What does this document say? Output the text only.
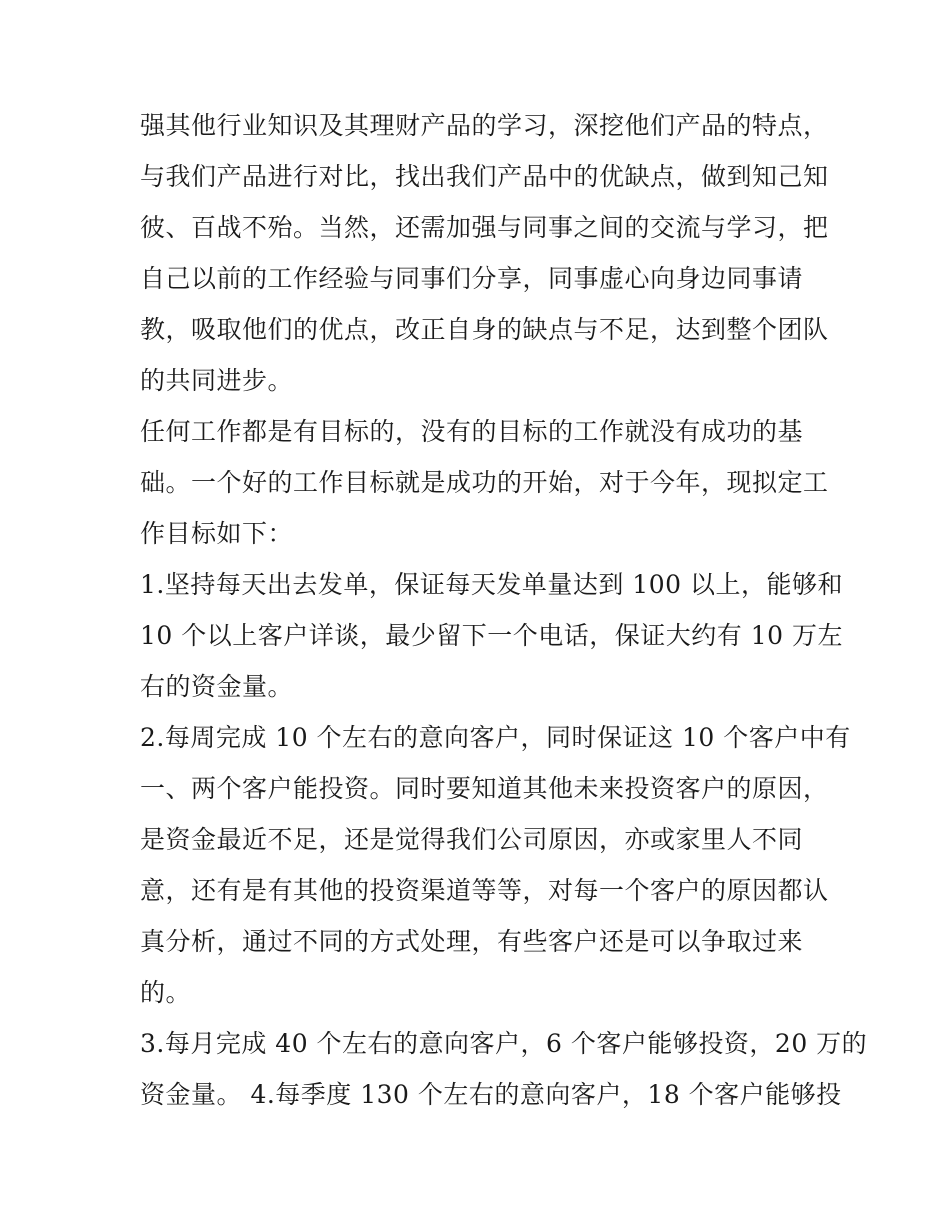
强其他行业知识及其理财产品的学习，深挖他们产品的特点，
与我们产品进行对比，找出我们产品中的优缺点，做到知己知
彼、百战不殆。当然，还需加强与同事之间的交流与学习，把
自己以前的工作经验与同事们分享，同事虚心向身边同事请
教，吸取他们的优点，改正自身的缺点与不足，达到整个团队
的共同进步。
任何工作都是有目标的，没有的目标的工作就没有成功的基
础。一个好的工作目标就是成功的开始，对于今年，现拟定工
作目标如下：
1.坚持每天出去发单，保证每天发单量达到 100 以上，能够和
10 个以上客户详谈，最少留下一个电话，保证大约有 10 万左
右的资金量。
2.每周完成 10 个左右的意向客户，同时保证这 10 个客户中有
一、两个客户能投资。同时要知道其他未来投资客户的原因，
是资金最近不足，还是觉得我们公司原因，亦或家里人不同
意，还有是有其他的投资渠道等等，对每一个客户的原因都认
真分析，通过不同的方式处理，有些客户还是可以争取过来
的。
3.每月完成 40 个左右的意向客户，6 个客户能够投资，20 万的
资金量。 4.每季度 130 个左右的意向客户，18 个客户能够投
